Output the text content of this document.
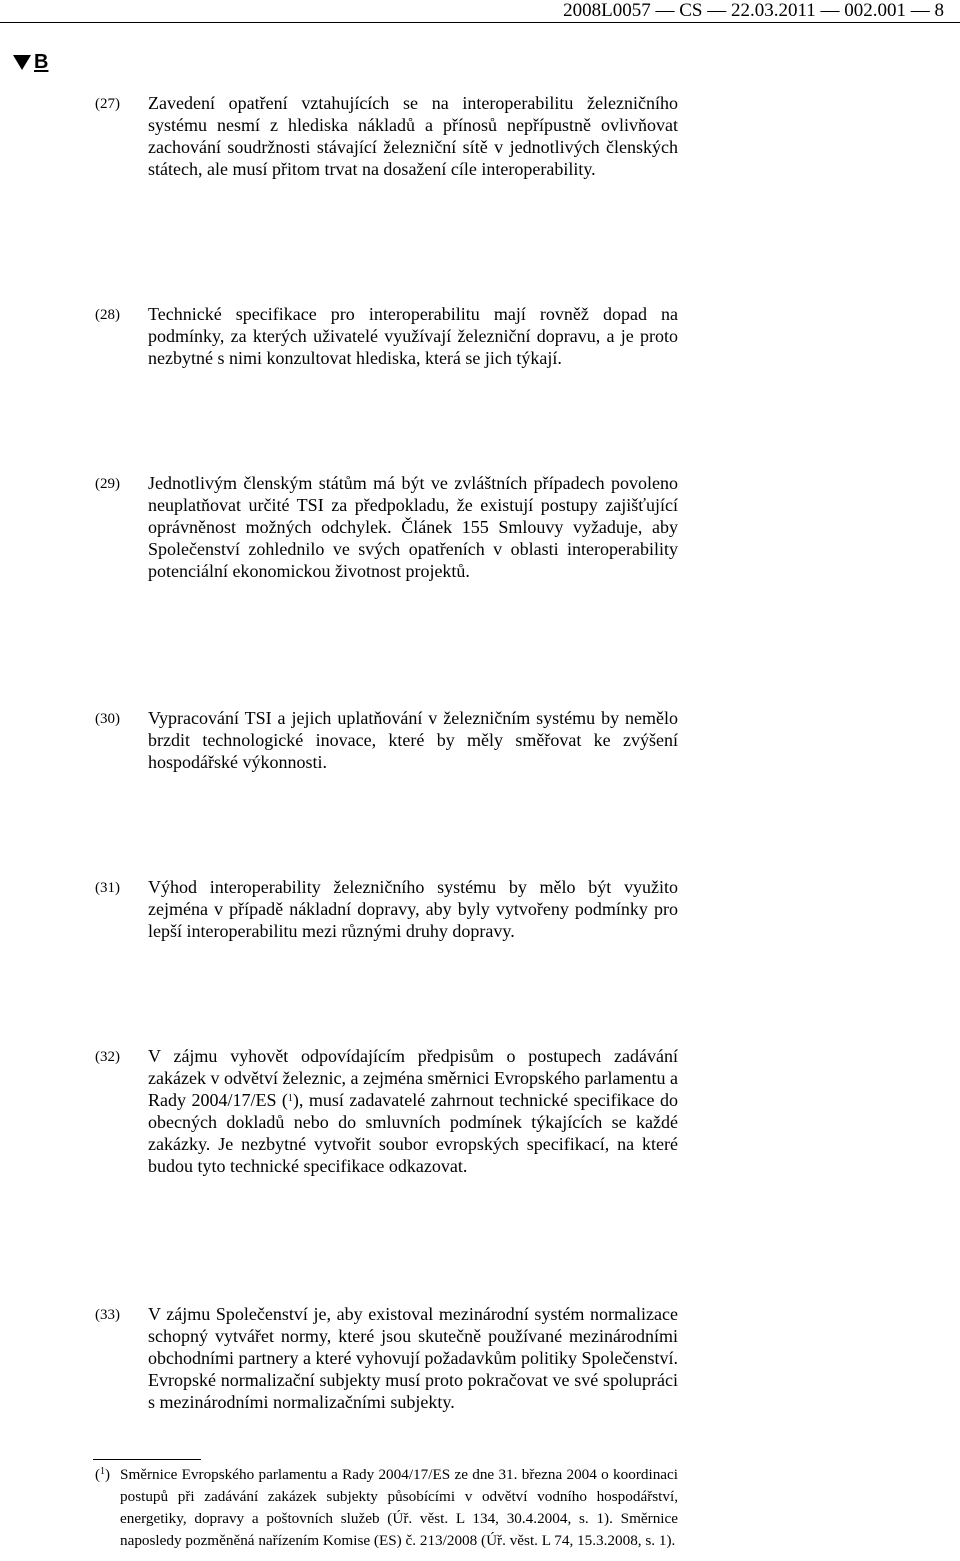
2008L0057 — CS — 22.03.2011 — 002.001 — 8
B
(27) Zavedení opatření vztahujících se na interoperabilitu železničního systému nesmí z hlediska nákladů a přínosů nepřípustně ovlivňovat zachování soudržnosti stávající železniční sítě v jednotlivých členských státech, ale musí přitom trvat na dosažení cíle interoperability.

(28) Technické specifikace pro interoperabilitu mají rovněž dopad na podmínky, za kterých uživatelé využívají železniční dopravu, a je proto nezbytné s nimi konzultovat hlediska, která se jich týkají.

(29) Jednotlivým členským státům má být ve zvláštních případech povoleno neuplatňovat určité TSI za předpokladu, že existují postupy zajišťující oprávněnost možných odchylek. Článek 155 Smlouvy vyžaduje, aby Společenství zohlednilo ve svých opatřeních v oblasti interoperability potenciální ekonomickou životnost projektů.

(30) Vypracování TSI a jejich uplatňování v železničním systému by nemělo brzdit technologické inovace, které by měly směřovat ke zvýšení hospodářské výkonnosti.

(31) Výhod interoperability železničního systému by mělo být využito zejména v případě nákladní dopravy, aby byly vytvořeny podmínky pro lepší interoperabilitu mezi různými druhy dopravy.

(32) V zájmu vyhovět odpovídajícím předpisům o postupech zadávání zakázek v odvětví železnic, a zejména směrnici Evropského parlamentu a Rady 2004/17/ES ($^1$), musí zadavatelé zahrnout technické specifikace do obecných dokladů nebo do smluvních podmínek týkajících se každé zakázky. Je nezbytné vytvořit soubor evropských specifikací, na které budou tyto technické specifikace odkazovat.

(33) V zájmu Společenství je, aby existoval mezinárodní systém normalizace schopný vytvářet normy, které jsou skutečně používané mezinárodními obchodními partnery a které vyhovují požadavkům politiky Společenství. Evropské normalizační subjekty musí proto pokračovat ve své spolupráci s mezinárodními normalizačními subjekty.

($^1$) Směrnice Evropského parlamentu a Rady 2004/17/ES ze dne 31. března 2004 o koordinaci postupů při zadávání zakázek subjekty působícími v odvětví vodního hospodářství, energetiky, dopravy a poštovních služeb (Úř. věst. L 134, 30.4.2004, s. 1). Směrnice naposledy pozměněná nařízením Komise (ES) č. 213/2008 (Úř. věst. L 74, 15.3.2008, s. 1).
